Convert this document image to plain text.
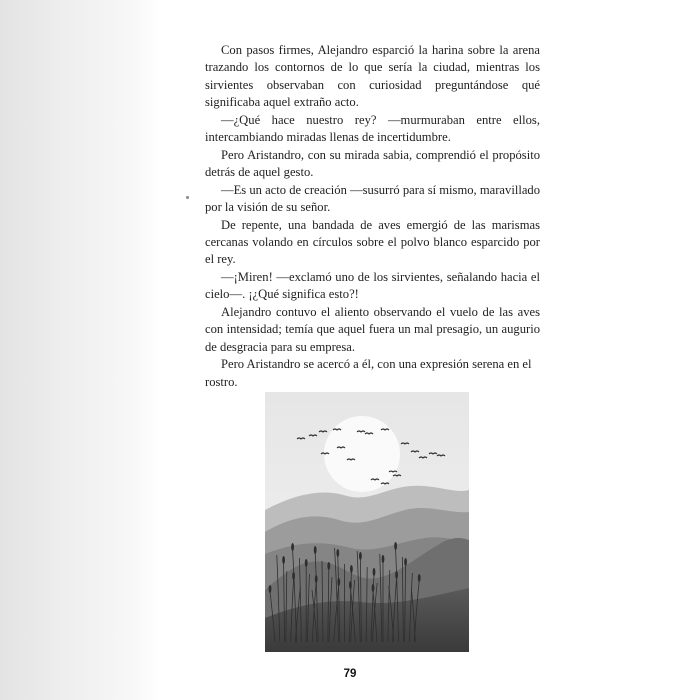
Con pasos firmes, Alejandro esparció la harina sobre la arena trazando los contornos de lo que sería la ciudad, mientras los sirvientes observaban con curiosidad preguntándose qué significaba aquel extraño acto.

—¿Qué hace nuestro rey? —murmuraban entre ellos, intercambiando miradas llenas de incertidumbre.

Pero Aristandro, con su mirada sabia, comprendió el propósito detrás de aquel gesto.

—Es un acto de creación —susurró para sí mismo, maravillado por la visión de su señor.

De repente, una bandada de aves emergió de las marismas cercanas volando en círculos sobre el polvo blanco esparcido por el rey.

—¡Miren! —exclamó uno de los sirvientes, señalando hacia el cielo—. ¡¿Qué significa esto?!

Alejandro contuvo el aliento observando el vuelo de las aves con intensidad; temía que aquel fuera un mal presagio, un augurio de desgracia para su empresa.

Pero Aristandro se acercó a él, con una expresión serena en el rostro.

79
